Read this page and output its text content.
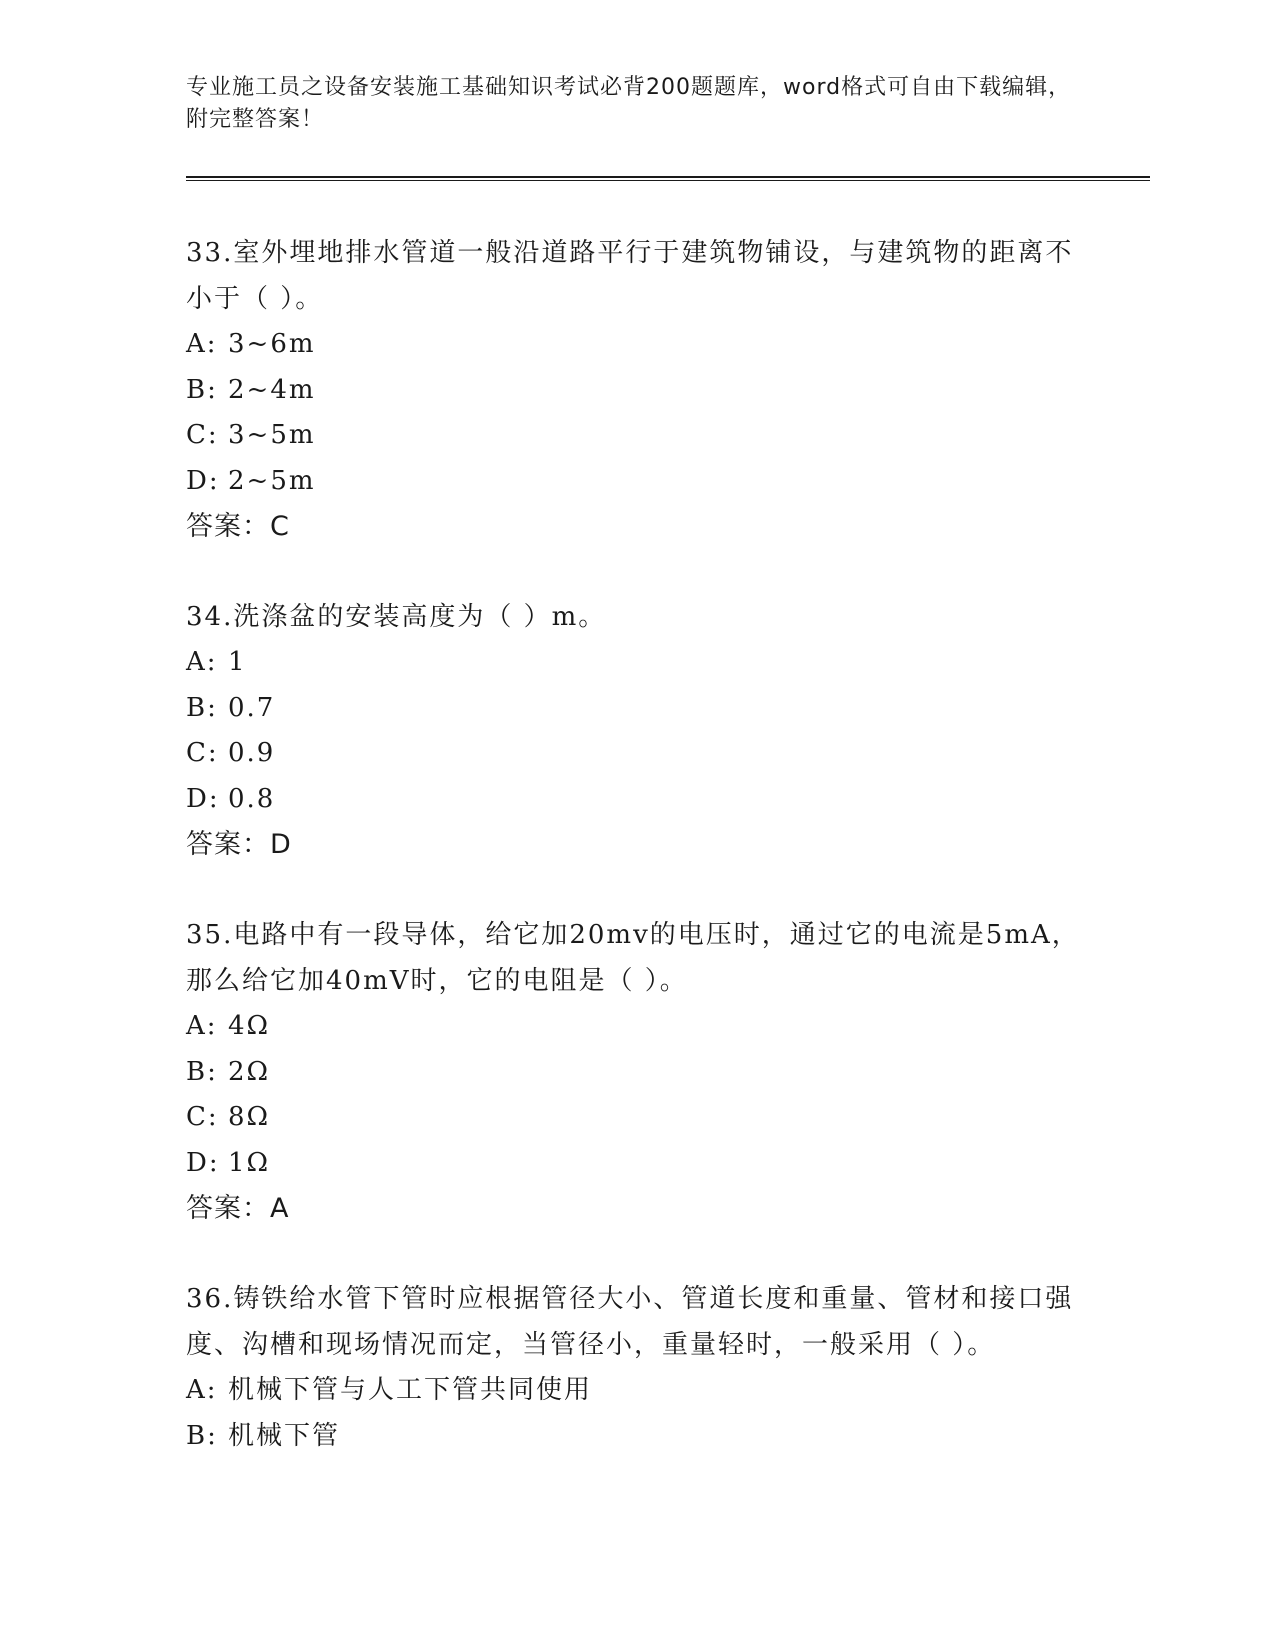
专业施工员之设备安装施工基础知识考试必背200题题库，word格式可自由下载编辑，附完整答案！

33.室外埋地排水管道一般沿道路平行于建筑物铺设，与建筑物的距离不小于（ ）。

A: 3~6m

B: 2~4m

C: 3~5m

D: 2~5m

答案：C

34.洗涤盆的安装高度为（ ）m。

A: 1

B: 0.7

C: 0.9

D: 0.8

答案：D

35.电路中有一段导体，给它加20mv的电压时，通过它的电流是5mA，那么给它加40mV时，它的电阻是（ ）。

A: 4Ω

B: 2Ω

C: 8Ω

D: 1Ω

答案：A

36.铸铁给水管下管时应根据管径大小、管道长度和重量、管材和接口强度、沟槽和现场情况而定，当管径小，重量轻时，一般采用（ ）。

A: 机械下管与人工下管共同使用

B: 机械下管
